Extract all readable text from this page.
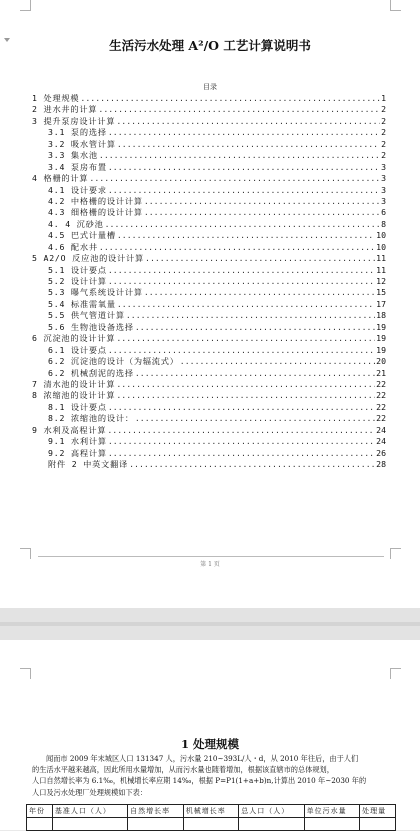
生活污水处理 A²/O 工艺计算说明书
目录
1 处理规模 .....	1
2 进水井的计算 .....	2
3 提升泵房设计计算 .....	2
3.1 泵的选择 .....	2
3.2 吸水管计算 .....	2
3.3 集水池 .....	2
3.4 泵房布置 .....	3
4 格栅的计算 .....	3
4.1 设计要求 .....	3
4.2 中格栅的设计计算 .....	3
4.3 细格栅的设计计算 .....	6
4. 4 沉砂池 .....	8
4.5 巴式计量槽 .....	10
4.6 配水井 .....	10
5 A2/O 反应池的设计计算 .....	11
5.1 设计要点 .....	11
5.2 设计计算 .....	12
5.3 曝气系统设计计算 .....	15
5.4 标准需氧量 .....	17
5.5 供气管道计算 .....	18
5.6 生物池设备选择 .....	19
6 沉淀池的设计计算 .....	19
6.1 设计要点 .....	19
6.2 沉淀池的设计（为辐流式） .....	20
6.2 机械刮泥的选择 .....	21
7 清水池的设计计算 .....	22
8 浓缩池的设计计算 .....	22
8.1 设计要点 .....	22
8.2 浓缩池的设计： .....	22
9 水利及高程计算 .....	24
9.1 水利计算 .....	24
9.2 高程计算 .....	26
附件 2 中英文翻译 .....	28
第 1 页
1 处理规模
闻而市 2009 年末城区人口 131347 人，污水量 210~393L/人・d，从 2010 年往后，由于人们
的生活水平越来越高，因此所用水量增加，从而污水量也随着增加，根据该直辖市的总体规划，
人口自然增长率为 6.1‰，机械增长率应期 14‰，根据 P=P1(1+a+b)n,计算出 2010 年~2030 年的
人口及污水处理厂处理规模如下表：
年份	基准人口（人）	自然增长率	机械增长率	总人口（人）	单位污水量	处理量
